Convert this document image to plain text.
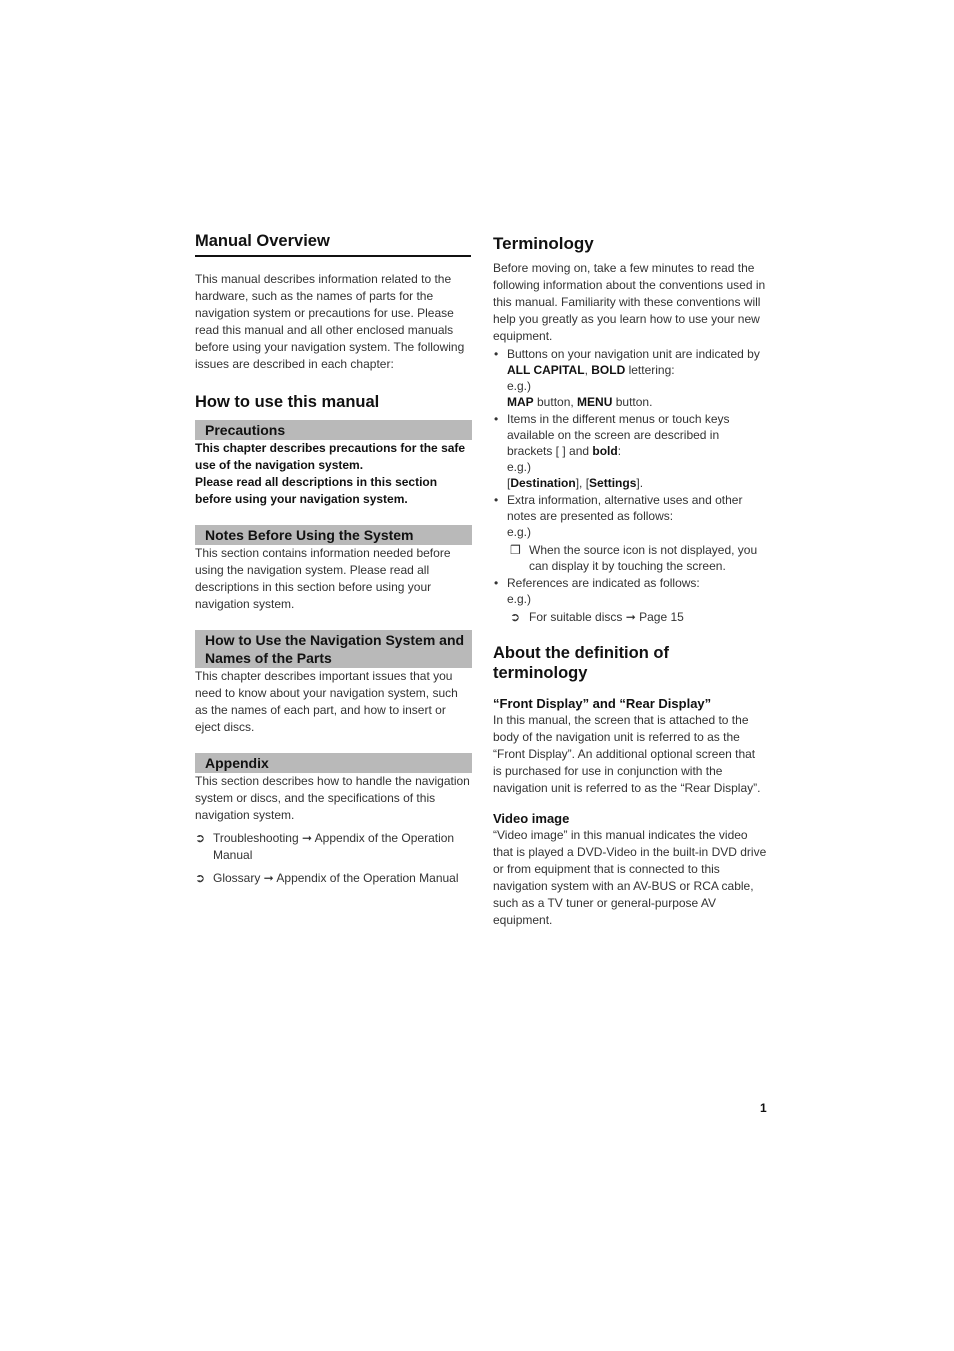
Manual Overview

This manual describes information related to the hardware, such as the names of parts for the navigation system or precautions for use. Please read this manual and all other enclosed manuals before using your navigation system. The following issues are described in each chapter:

How to use this manual
Precautions

This chapter describes precautions for the safe use of the navigation system.

Please read all descriptions in this section before using your navigation system.

Notes Before Using the System

This section contains information needed before using the navigation system. Please read all descriptions in this section before using your navigation system.

How to Use the Navigation System and Names of the Parts

This chapter describes important issues that you need to know about your navigation system, such as the names of each part, and how to insert or eject discs.

Appendix

This section describes how to handle the navigation system or discs, and the specifications of this navigation system.

➲ Troubleshooting ➞ Appendix of the Operation Manual
➲ Glossary ➞ Appendix of the Operation Manual
Terminology

Before moving on, take a few minutes to read the following information about the conventions used in this manual. Familiarity with these conventions will help you greatly as you learn how to use your new equipment.

• Buttons on your navigation unit are indicated by ALL CAPITAL, BOLD lettering:
e.g.)
MAP button, MENU button.
• Items in the different menus or touch keys available on the screen are described in brackets [ ] and bold:
e.g.)
[Destination], [Settings].
• Extra information, alternative uses and other notes are presented as follows:
e.g.)
❒ When the source icon is not displayed, you can display it by touching the screen.
• References are indicated as follows:
e.g.)
➲ For suitable discs ➞ Page 15
About the definition of terminology
“Front Display” and “Rear Display”

In this manual, the screen that is attached to the body of the navigation unit is referred to as the “Front Display”. An additional optional screen that is purchased for use in conjunction with the navigation unit is referred to as the “Rear Display”.

Video image

“Video image” in this manual indicates the video that is played a DVD-Video in the built-in DVD drive or from equipment that is connected to this navigation system with an AV-BUS or RCA cable, such as a TV tuner or general-purpose AV equipment.

1
